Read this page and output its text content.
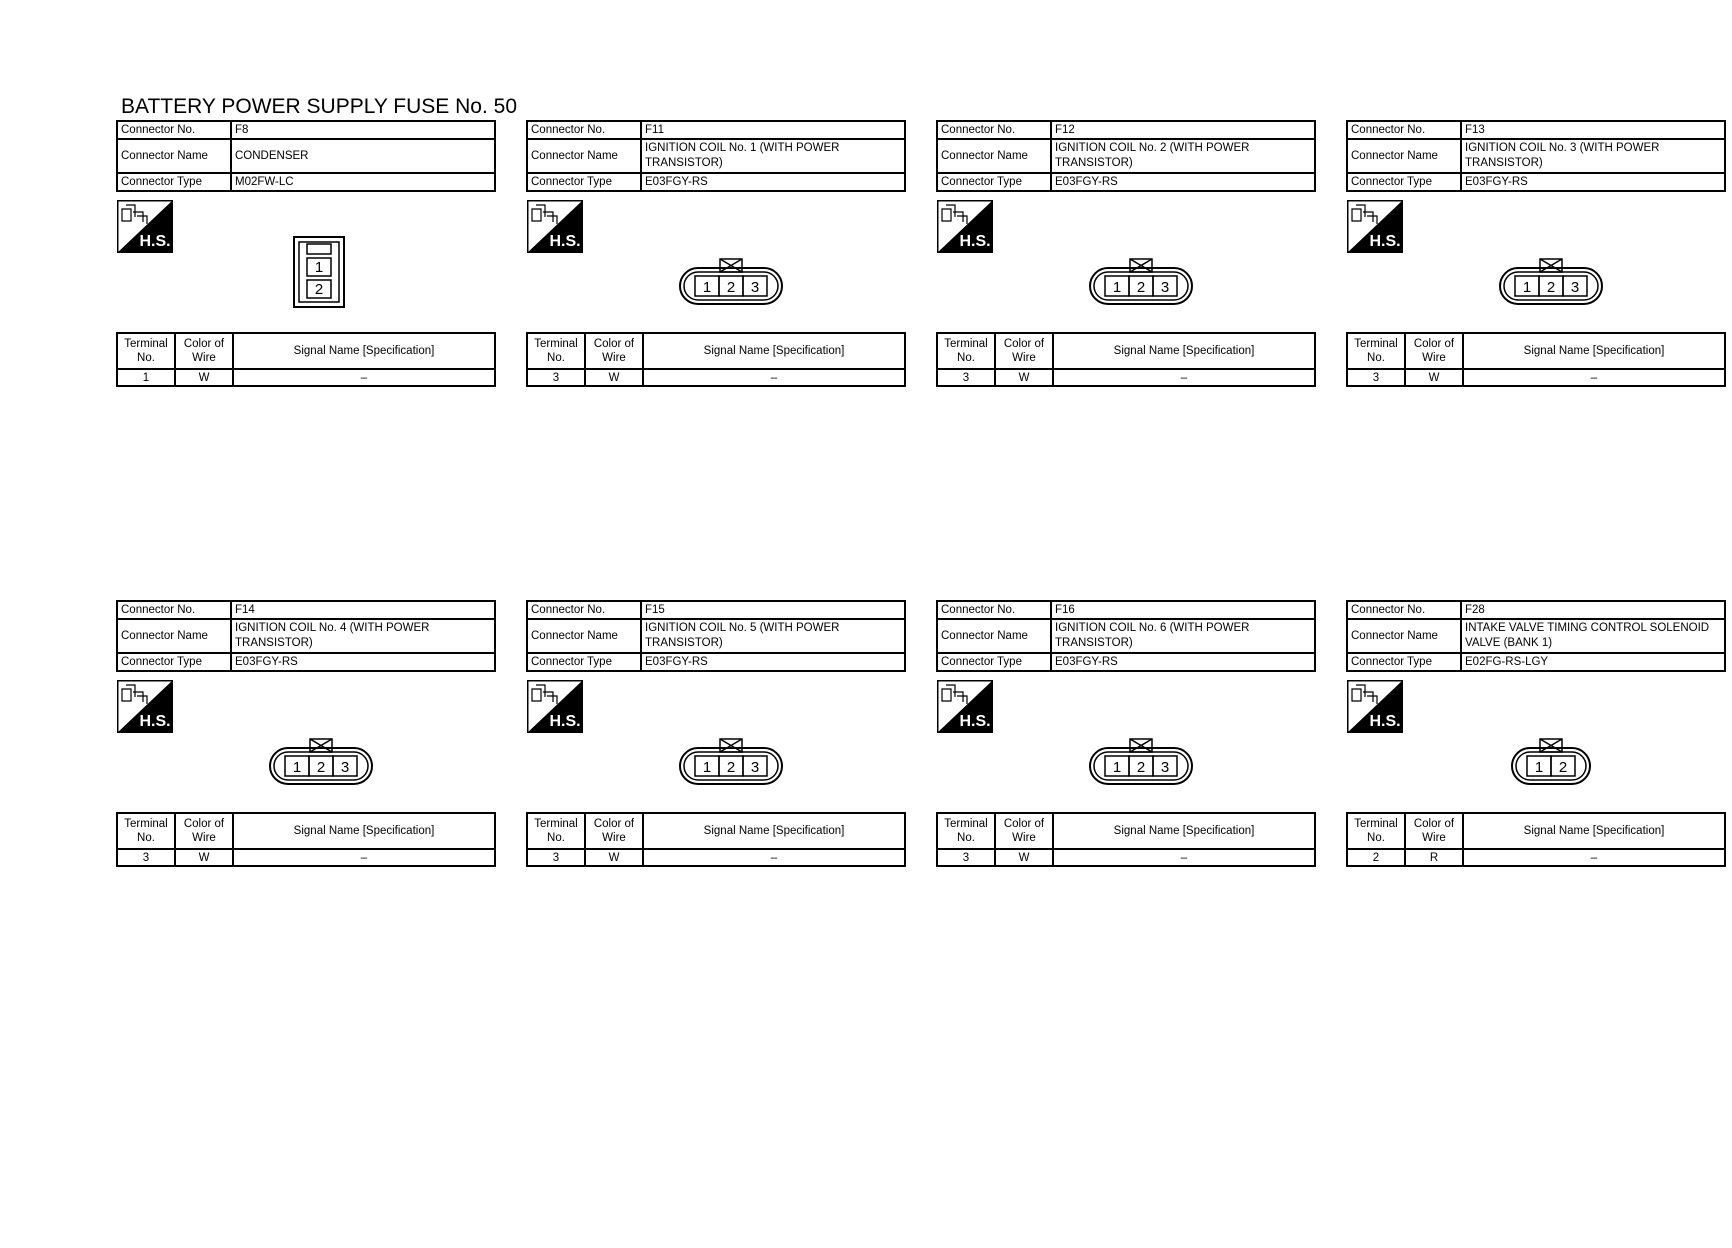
BATTERY POWER SUPPLY FUSE No. 50
Connector No.	F8
Connector Name	CONDENSER
Connector Type	M02FW-LC
H.S.
1
2
Terminal No.	Color of Wire	Signal Name [Specification]
1	W	–
Connector No.	F11
Connector Name	IGNITION COIL No. 1 (WITH POWER TRANSISTOR)
Connector Type	E03FGY-RS
H.S.
1 2 3
Terminal No.	Color of Wire	Signal Name [Specification]
3	W	–
Connector No.	F12
Connector Name	IGNITION COIL No. 2 (WITH POWER TRANSISTOR)
Connector Type	E03FGY-RS
H.S.
1 2 3
Terminal No.	Color of Wire	Signal Name [Specification]
3	W	–
Connector No.	F13
Connector Name	IGNITION COIL No. 3 (WITH POWER TRANSISTOR)
Connector Type	E03FGY-RS
H.S.
1 2 3
Terminal No.	Color of Wire	Signal Name [Specification]
3	W	–
Connector No.	F14
Connector Name	IGNITION COIL No. 4 (WITH POWER TRANSISTOR)
Connector Type	E03FGY-RS
H.S.
1 2 3
Terminal No.	Color of Wire	Signal Name [Specification]
3	W	–
Connector No.	F15
Connector Name	IGNITION COIL No. 5 (WITH POWER TRANSISTOR)
Connector Type	E03FGY-RS
H.S.
1 2 3
Terminal No.	Color of Wire	Signal Name [Specification]
3	W	–
Connector No.	F16
Connector Name	IGNITION COIL No. 6 (WITH POWER TRANSISTOR)
Connector Type	E03FGY-RS
H.S.
1 2 3
Terminal No.	Color of Wire	Signal Name [Specification]
3	W	–
Connector No.	F28
Connector Name	INTAKE VALVE TIMING CONTROL SOLENOID VALVE (BANK 1)
Connector Type	E02FG-RS-LGY
H.S.
1 2
Terminal No.	Color of Wire	Signal Name [Specification]
2	R	–
